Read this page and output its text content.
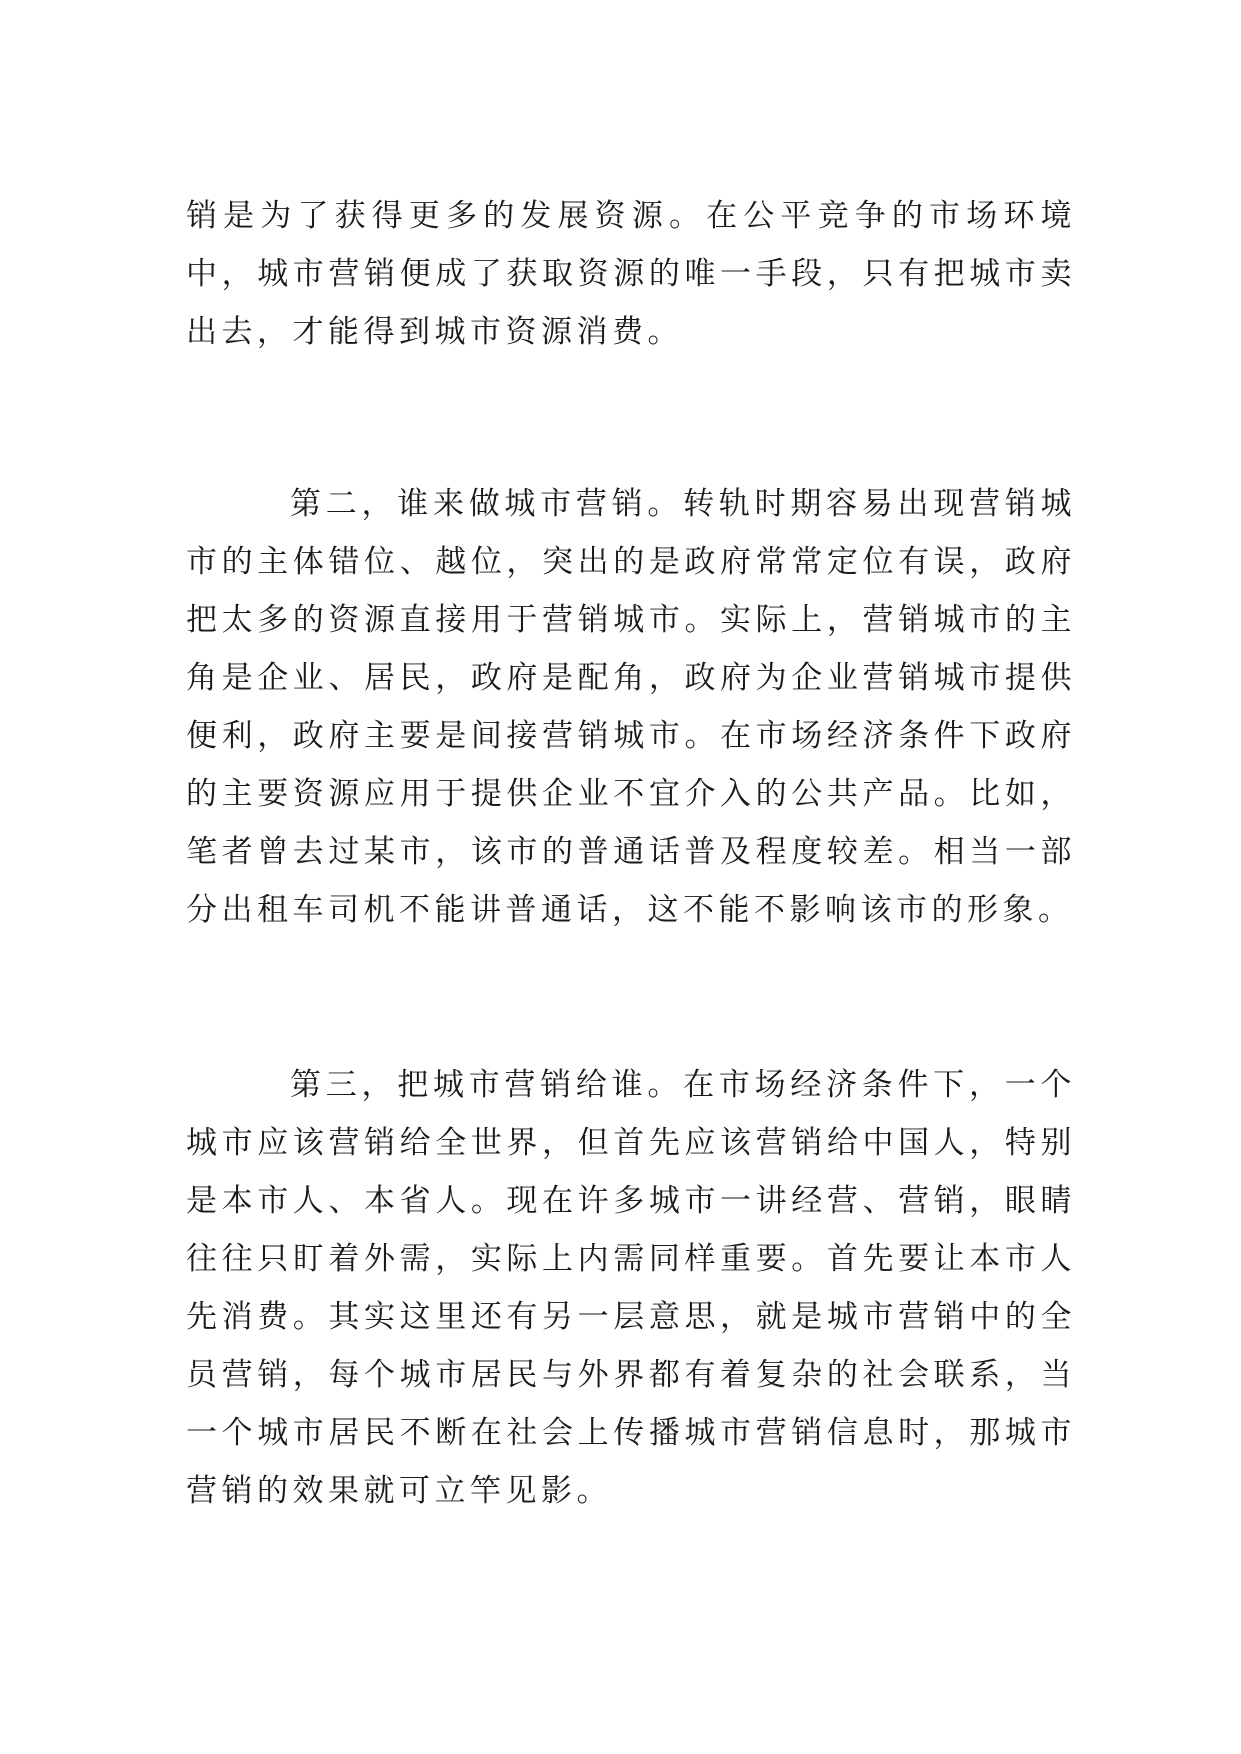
销是为了获得更多的发展资源。在公平竞争的市场环境中，城市营销便成了获取资源的唯一手段，只有把城市卖出去，才能得到城市资源消费。

第二，谁来做城市营销。转轨时期容易出现营销城市的主体错位、越位，突出的是政府常常定位有误，政府把太多的资源直接用于营销城市。实际上，营销城市的主角是企业、居民，政府是配角，政府为企业营销城市提供便利，政府主要是间接营销城市。在市场经济条件下政府的主要资源应用于提供企业不宜介入的公共产品。比如，笔者曾去过某市，该市的普通话普及程度较差。相当一部分出租车司机不能讲普通话，这不能不影响该市的形象。

第三，把城市营销给谁。在市场经济条件下，一个城市应该营销给全世界，但首先应该营销给中国人，特别是本市人、本省人。现在许多城市一讲经营、营销，眼睛往往只盯着外需，实际上内需同样重要。首先要让本市人先消费。其实这里还有另一层意思，就是城市营销中的全员营销，每个城市居民与外界都有着复杂的社会联系，当一个城市居民不断在社会上传播城市营销信息时，那城市营销的效果就可立竿见影。
